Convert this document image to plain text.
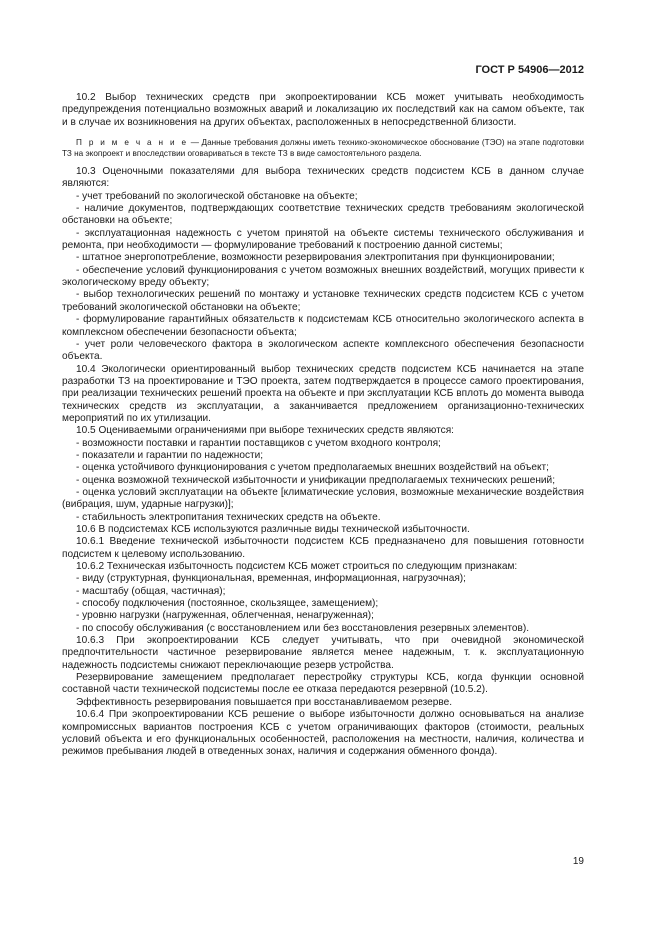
ГОСТ Р 54906—2012

10.2 Выбор технических средств при экопроектировании КСБ может учитывать необходимость предупреждения потенциально возможных аварий и локализацию их последствий как на самом объекте, так и в случае их возникновения на других объектах, расположенных в непосредственной близости.

П р и м е ч а н и е — Данные требования должны иметь технико-экономическое обоснование (ТЭО) на этапе подготовки ТЗ на экопроект и впоследствии оговариваться в тексте ТЗ в виде самостоятельного раздела.

10.3 Оценочными показателями для выбора технических средств подсистем КСБ в данном случае являются:

- учет требований по экологической обстановке на объекте;

- наличие документов, подтверждающих соответствие технических средств требованиям экологической обстановки на объекте;

- эксплуатационная надежность с учетом принятой на объекте системы технического обслуживания и ремонта, при необходимости — формулирование требований к построению данной системы;

- штатное энергопотребление, возможности резервирования электропитания при функционировании;

- обеспечение условий функционирования с учетом возможных внешних воздействий, могущих привести к экологическому вреду объекту;

- выбор технологических решений по монтажу и установке технических средств подсистем КСБ с учетом требований экологической обстановки на объекте;

- формулирование гарантийных обязательств к подсистемам КСБ относительно экологического аспекта в комплексном обеспечении безопасности объекта;

- учет роли человеческого фактора в экологическом аспекте комплексного обеспечения безопасности объекта.

10.4 Экологически ориентированный выбор технических средств подсистем КСБ начинается на этапе разработки ТЗ на проектирование и ТЭО проекта, затем подтверждается в процессе самого проектирования, при реализации технических решений проекта на объекте и при эксплуатации КСБ вплоть до момента вывода технических средств из эксплуатации, а заканчивается предложением организационно-технических мероприятий по их утилизации.

10.5 Оцениваемыми ограничениями при выборе технических средств являются:

- возможности поставки и гарантии поставщиков с учетом входного контроля;

- показатели и гарантии по надежности;

- оценка устойчивого функционирования с учетом предполагаемых внешних воздействий на объект;

- оценка возможной технической избыточности и унификации предполагаемых технических решений;

- оценка условий эксплуатации на объекте [климатические условия, возможные механические воздействия (вибрация, шум, ударные нагрузки)];

- стабильность электропитания технических средств на объекте.

10.6 В подсистемах КСБ используются различные виды технической избыточности.

10.6.1 Введение технической избыточности подсистем КСБ предназначено для повышения готовности подсистем к целевому использованию.

10.6.2 Техническая избыточность подсистем КСБ может строиться по следующим признакам:

- виду (структурная, функциональная, временная, информационная, нагрузочная);

- масштабу (общая, частичная);

- способу подключения (постоянное, скользящее, замещением);

- уровню нагрузки (нагруженная, облегченная, ненагруженная);

- по способу обслуживания (с восстановлением или без восстановления резервных элементов).

10.6.3 При экопроектировании КСБ следует учитывать, что при очевидной экономической предпочтительности частичное резервирование является менее надежным, т. к. эксплуатационную надежность подсистемы снижают переключающие резерв устройства.

Резервирование замещением предполагает перестройку структуры КСБ, когда функции основной составной части технической подсистемы после ее отказа передаются резервной (10.5.2).

Эффективность резервирования повышается при восстанавливаемом резерве.

10.6.4 При экопроектировании КСБ решение о выборе избыточности должно основываться на анализе компромиссных вариантов построения КСБ с учетом ограничивающих факторов (стоимости, реальных условий объекта и его функциональных особенностей, расположения на местности, наличия, количества и режимов пребывания людей в отведенных зонах, наличия и содержания обменного фонда).

19
